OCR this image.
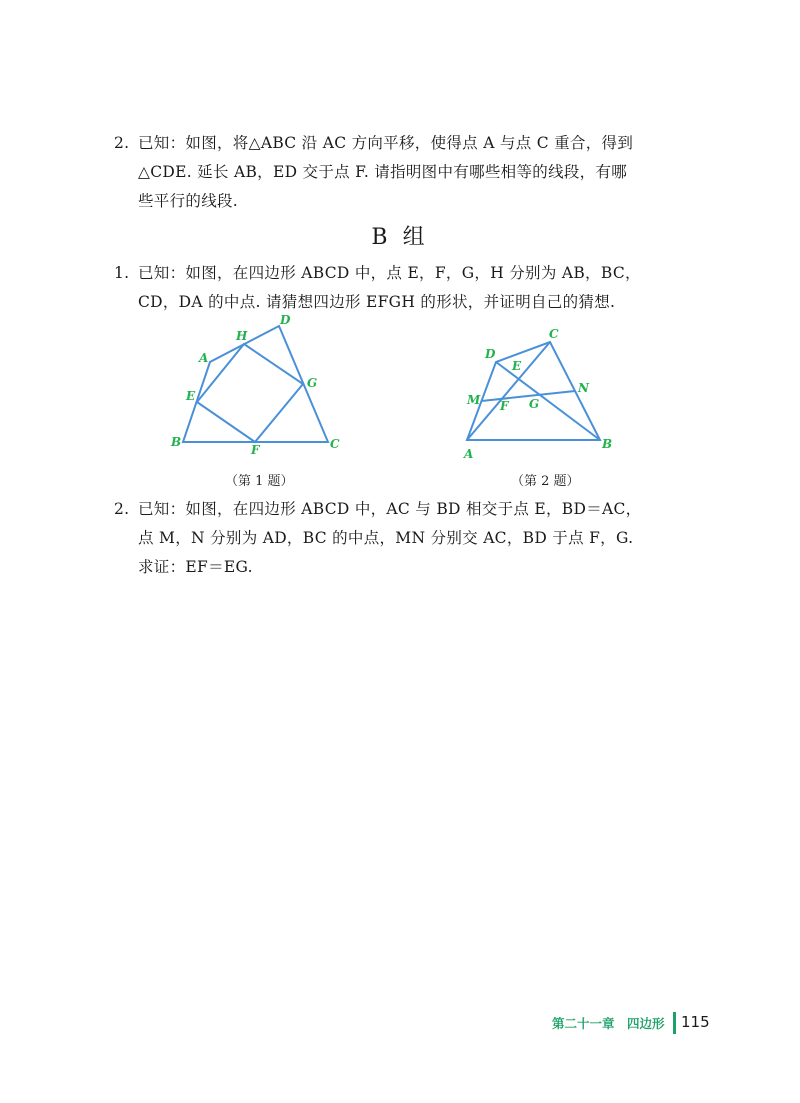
2. 已知：如图，将△ABC 沿 AC 方向平移，使得点 A 与点 C 重合，得到
△CDE. 延长 AB，ED 交于点 F. 请指明图中有哪些相等的线段，有哪
些平行的线段.
B 组
1. 已知：如图，在四边形 ABCD 中，点 E，F，G，H 分别为 AB，BC，
CD，DA 的中点. 请猜想四边形 EFGH 的形状，并证明自己的猜想.
A
B	C
D
E
F
G
H
（第 1 题）
A
B
C
D
E
F G
M
N
（第 2 题）
2. 已知：如图，在四边形 ABCD 中，AC 与 BD 相交于点 E，BD＝AC，
点 M，N 分别为 AD，BC 的中点，MN 分别交 AC，BD 于点 F，G.
求证：EF＝EG.
第二十一章　四边形 115
